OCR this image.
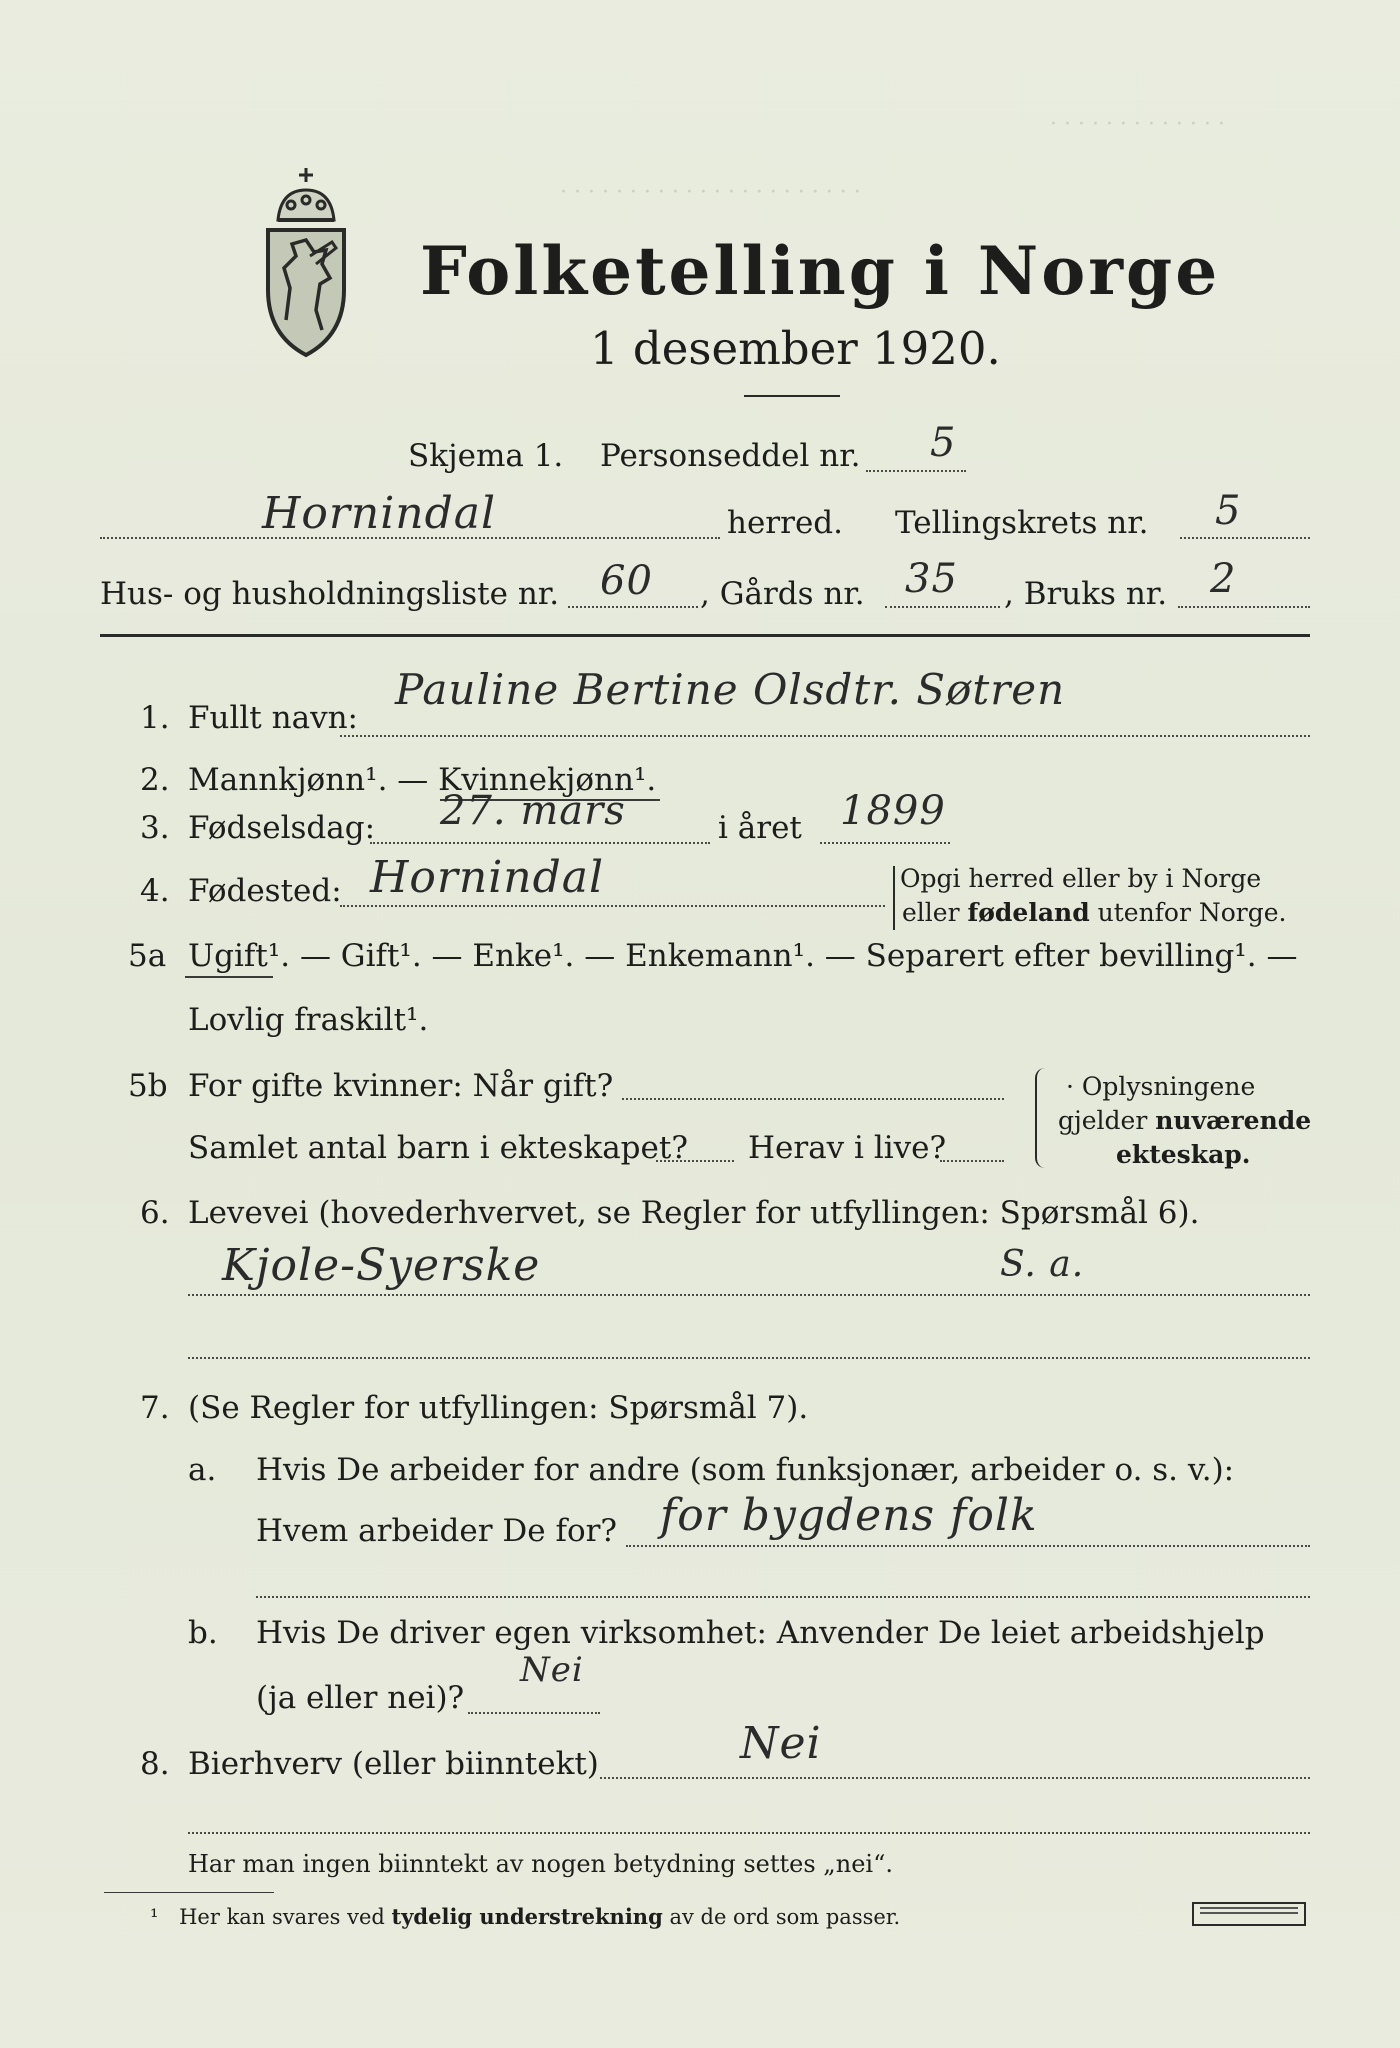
· · · · · · · · · · · · ·
· · · · · · · · · · · · · · · · · · · · · ·
Folketelling i Norge
1 desember 1920.
Skjema 1. Personseddel nr. 5
Hornindal	herred. Tellingskrets nr. 5
Hus- og husholdningsliste nr. 60 , Gårds nr. 35 , Bruks nr. 2
1. Fullt navn:
Pauline Bertine Olsdtr. Søtren
2. Mannkjønn¹. — Kvinnekjønn¹.
3. Fødselsdag: 27. mars	i året 1899
4. Fødested: Hornindal	Opgi herred eller by i Norge
eller fødeland utenfor Norge.
5a Ugift¹. — Gift¹. — Enke¹. — Enkemann¹. — Separert efter bevilling¹. —
Lovlig fraskilt¹.
5b For gifte kvinner: Når gift?
Samlet antal barn i ekteskapet? Herav i live?
· Oplysningene
gjelder nuværende
ekteskap.
6. Levevei (hovederhvervet, se Regler for utfyllingen: Spørsmål 6).
Kjole-Syerske	S. a.
7. (Se Regler for utfyllingen: Spørsmål 7).
a. Hvis De arbeider for andre (som funksjonær, arbeider o. s. v.):
Hvem arbeider De for? for bygdens folk
b. Hvis De driver egen virksomhet: Anvender De leiet arbeidshjelp
(ja eller nei)?
Nei
8. Bierhverv (eller biinntekt)	Nei
Har man ingen biinntekt av nogen betydning settes „nei“.
¹ Her kan svares ved tydelig understrekning av de ord som passer.
